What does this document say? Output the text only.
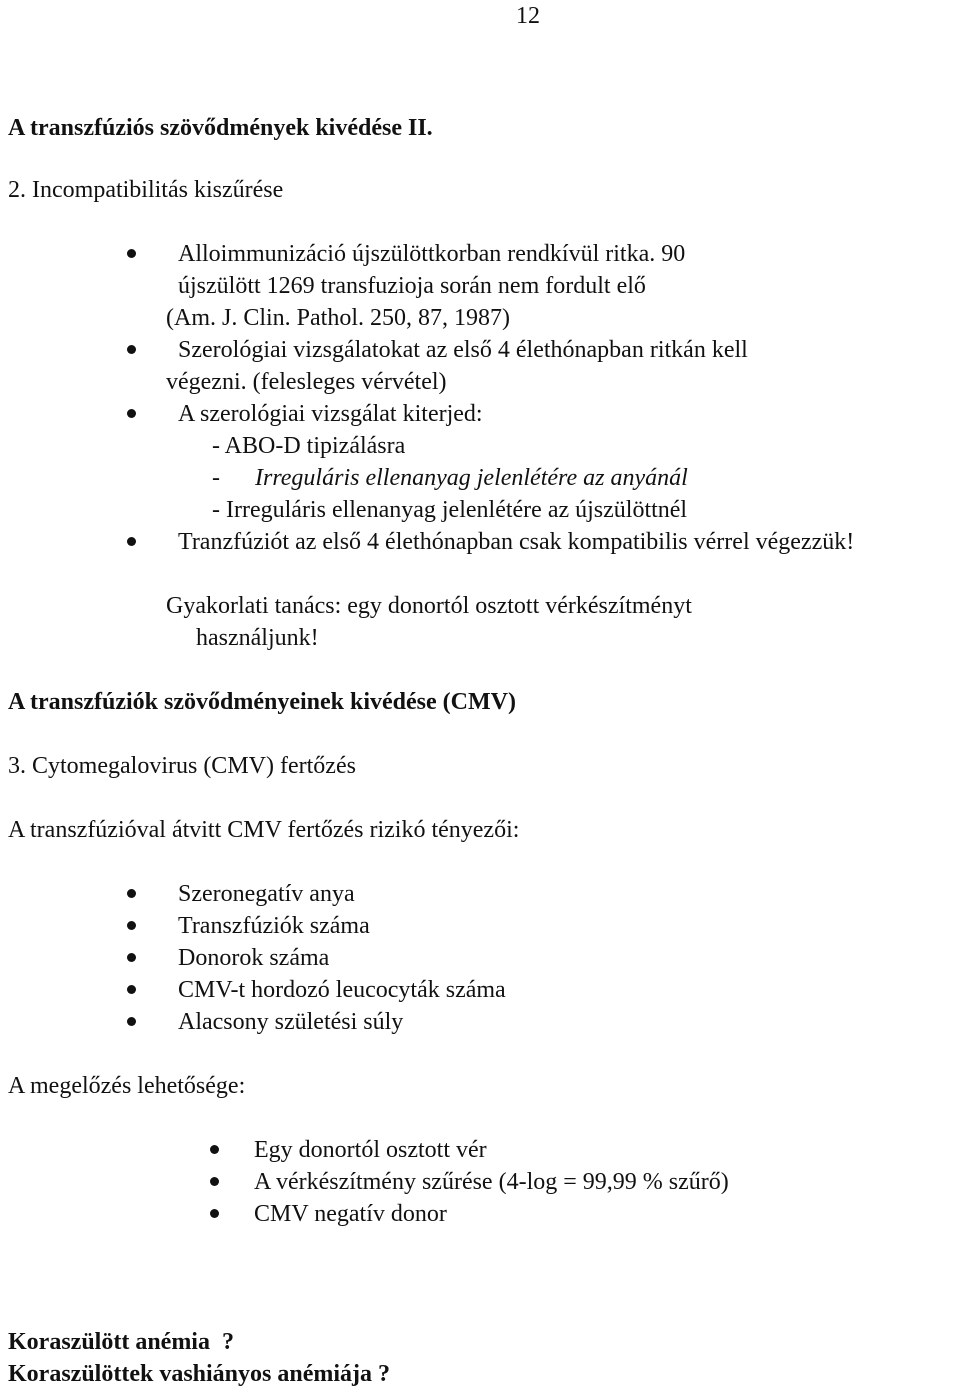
12
A transzfúziós szövődmények kivédése II.
2. Incompatibilitás kiszűrése
Alloimmunizáció újszülöttkorban rendkívül ritka. 90
újszülött 1269 transfuzioja során nem fordult elő
(Am. J. Clin. Pathol. 250, 87, 1987)
Szerológiai vizsgálatokat az első 4 élethónapban ritkán kell
végezni. (felesleges vérvétel)
A szerológiai vizsgálat kiterjed:
- ABO-D tipizálásra
- Irreguláris ellenanyag jelenlétére az anyánál
- Irreguláris ellenanyag jelenlétére az újszülöttnél
Tranzfúziót az első 4 élethónapban csak kompatibilis vérrel végezzük!
Gyakorlati tanács: egy donortól osztott vérkészítményt
használjunk!
A transzfúziók szövődményeinek kivédése (CMV)
3. Cytomegalovirus (CMV) fertőzés
A transzfúzióval átvitt CMV fertőzés rizikó tényezői:
Szeronegatív anya
Transzfúziók száma
Donorok száma
CMV-t hordozó leucocyták száma
Alacsony születési súly
A megelőzés lehetősége:
Egy donortól osztott vér
A vérkészítmény szűrése (4-log = 99,99 % szűrő)
CMV negatív donor
Koraszülött anémia  ?
Koraszülöttek vashiányos anémiája ?
